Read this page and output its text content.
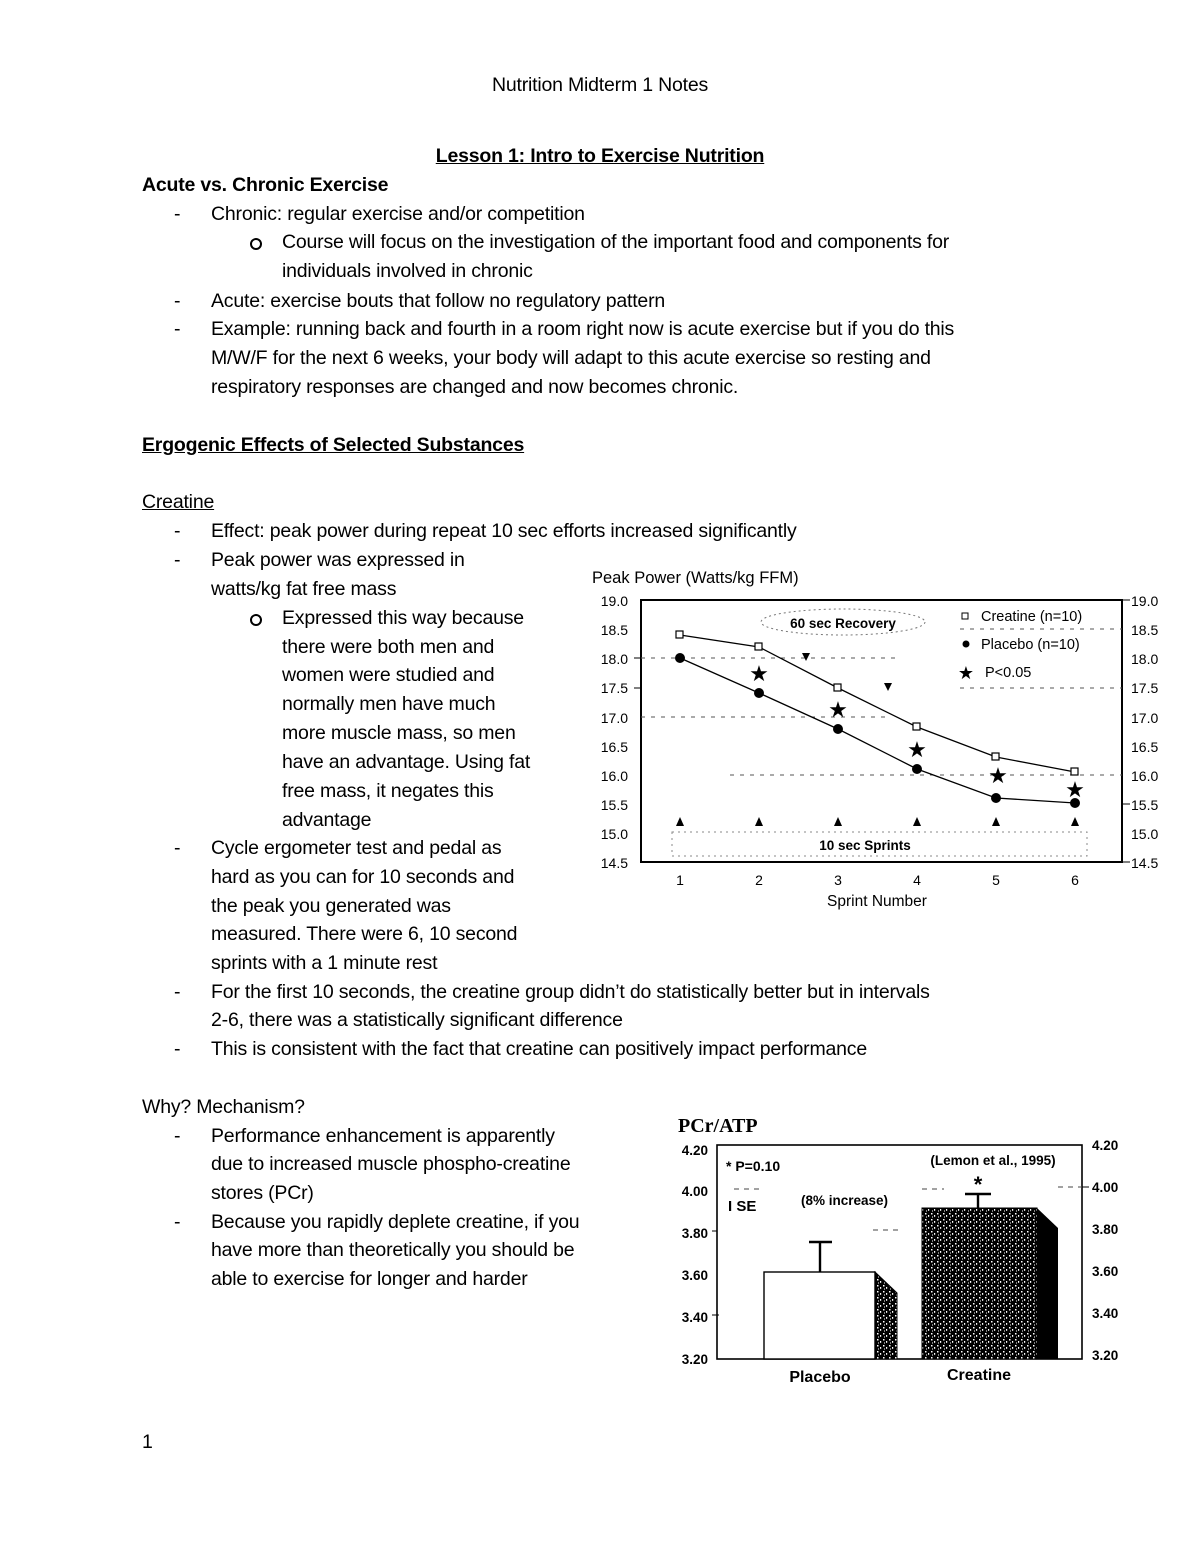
Nutrition Midterm 1 Notes
Lesson 1: Intro to Exercise Nutrition
Acute vs. Chronic Exercise
- Chronic: regular exercise and/or competition
Course will focus on the investigation of the important food and components for
individuals involved in chronic
- Acute: exercise bouts that follow no regulatory pattern
- Example: running back and fourth in a room right now is acute exercise but if you do this
M/W/F for the next 6 weeks, your body will adapt to this acute exercise so resting and
respiratory responses are changed and now becomes chronic.
Ergogenic Effects of Selected Substances
Creatine
- Effect: peak power during repeat 10 sec efforts increased significantly
- Peak power was expressed in
watts/kg fat free mass
Expressed this way because
there were both men and
women were studied and
normally men have much
more muscle mass, so men
have an advantage. Using fat
free mass, it negates this
advantage
- Cycle ergometer test and pedal as
hard as you can for 10 seconds and
the peak you generated was
measured. There were 6, 10 second
sprints with a 1 minute rest
- For the first 10 seconds, the creatine group didn’t do statistically better but in intervals
2-6, there was a statistically significant difference
- This is consistent with the fact that creatine can positively impact performance
Why? Mechanism?
- Performance enhancement is apparently
due to increased muscle phospho-creatine
stores (PCr)
- Because you rapidly deplete creatine, if you
have more than theoretically you should be
able to exercise for longer and harder
1
Peak Power (Watts/kg FFM)
19.0
18.5
18.0
17.5
17.0
16.5
16.0
15.5
15.0
14.5
19.0
18.5
18.0
17.5
17.0
16.5
16.0
15.5
15.0
14.5
1	2	3	4	5	6
Sprint Number
60 sec Recovery
10 sec Sprints
★
★
★
★
★
Creatine (n=10)
Placebo (n=10)
★ P<0.05
PCr/ATP
4.20
4.00
3.80
3.60
3.40
3.20
4.20
4.00
3.80
3.60
3.40
3.20
* P=0.10
I SE	(8% increase)
(Lemon et al., 1995)
*
Placebo	Creatine
